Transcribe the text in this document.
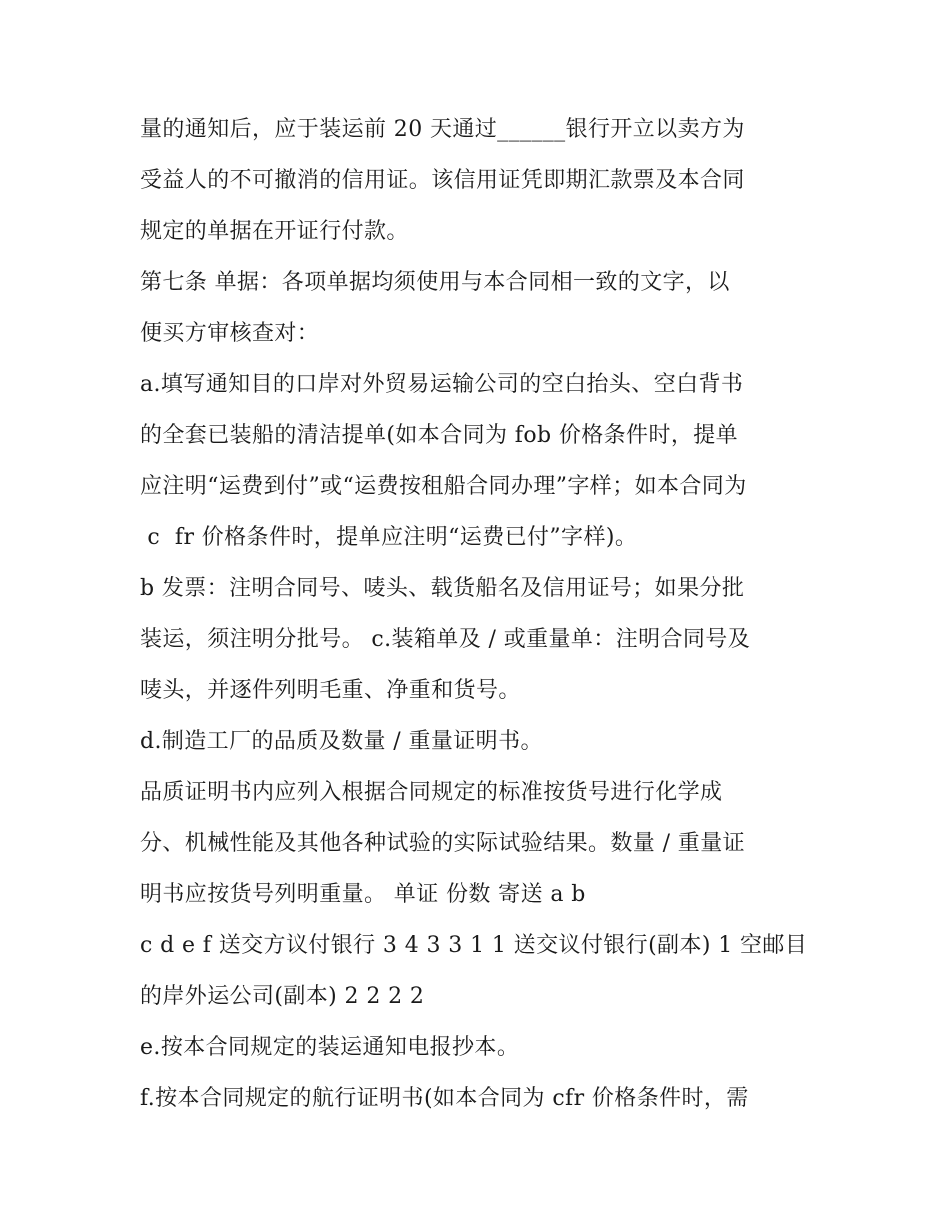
量的通知后，应于装运前 20 天通过______银行开立以卖方为
受益人的不可撤消的信用证。该信用证凭即期汇款票及本合同
规定的单据在开证行付款。
第七条 单据：各项单据均须使用与本合同相一致的文字，以
便买方审核查对：
a.填写通知目的口岸对外贸易运输公司的空白抬头、空白背书
的全套已装船的清洁提单(如本合同为 fob 价格条件时，提单
应注明“运费到付”或“运费按租船合同办理”字样；如本合同为
c  fr 价格条件时，提单应注明“运费已付”字样)。
b 发票：注明合同号、唛头、载货船名及信用证号；如果分批
装运，须注明分批号。 c.装箱单及 / 或重量单：注明合同号及
唛头，并逐件列明毛重、净重和货号。
d.制造工厂的品质及数量 / 重量证明书。
品质证明书内应列入根据合同规定的标准按货号进行化学成
分、机械性能及其他各种试验的实际试验结果。数量 / 重量证
明书应按货号列明重量。 单证 份数 寄送 a b
c d e f 送交方议付银行 3 4 3 3 1 1 送交议付银行(副本) 1 空邮目
的岸外运公司(副本) 2 2 2 2
e.按本合同规定的装运通知电报抄本。
f.按本合同规定的航行证明书(如本合同为 cfr 价格条件时，需
